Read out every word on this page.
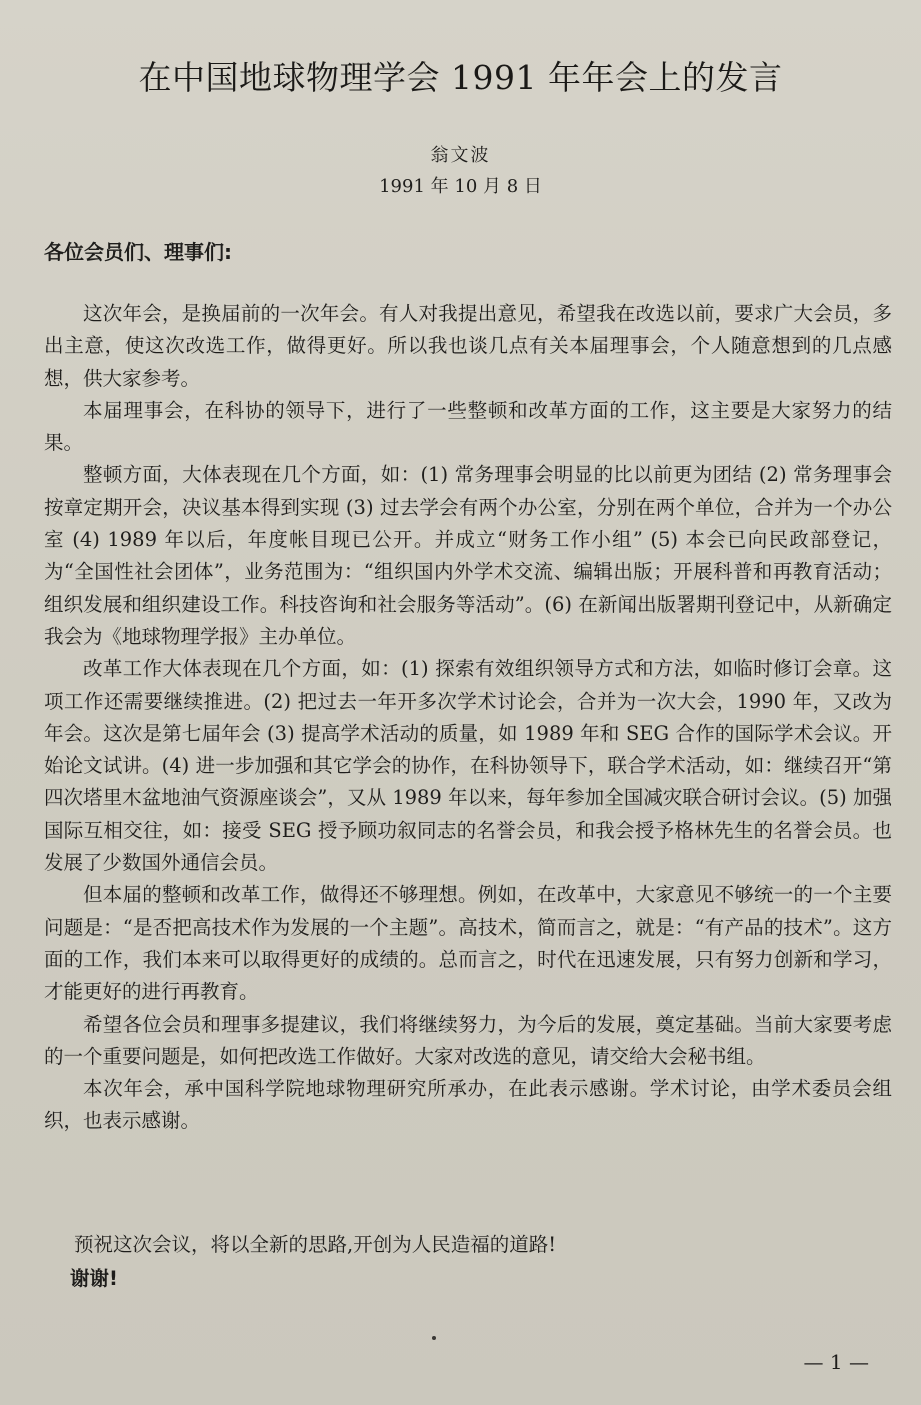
在中国地球物理学会 1991 年年会上的发言
翁文波
1991 年 10 月 8 日
各位会员们、理事们:

这次年会，是换届前的一次年会。有人对我提出意见，希望我在改选以前，要求广大会员，多出主意，使这次改选工作，做得更好。所以我也谈几点有关本届理事会，个人随意想到的几点感想，供大家参考。

本届理事会，在科协的领导下，进行了一些整顿和改革方面的工作，这主要是大家努力的结果。

整顿方面，大体表现在几个方面，如：(1) 常务理事会明显的比以前更为团结 (2) 常务理事会按章定期开会，决议基本得到实现 (3) 过去学会有两个办公室，分别在两个单位，合并为一个办公室 (4) 1989 年以后，年度帐目现已公开。并成立“财务工作小组” (5) 本会已向民政部登记，为“全国性社会团体”，业务范围为：“组织国内外学术交流、编辑出版；开展科普和再教育活动；组织发展和组织建设工作。科技咨询和社会服务等活动”。(6) 在新闻出版署期刊登记中，从新确定我会为《地球物理学报》主办单位。

改革工作大体表现在几个方面，如：(1) 探索有效组织领导方式和方法，如临时修订会章。这项工作还需要继续推进。(2) 把过去一年开多次学术讨论会，合并为一次大会，1990 年，又改为年会。这次是第七届年会 (3) 提高学术活动的质量，如 1989 年和 SEG 合作的国际学术会议。开始论文试讲。(4) 进一步加强和其它学会的协作，在科协领导下，联合学术活动，如：继续召开“第四次塔里木盆地油气资源座谈会”，又从 1989 年以来，每年参加全国减灾联合研讨会议。(5) 加强国际互相交往，如：接受 SEG 授予顾功叙同志的名誉会员，和我会授予格林先生的名誉会员。也发展了少数国外通信会员。

但本届的整顿和改革工作，做得还不够理想。例如，在改革中，大家意见不够统一的一个主要问题是：“是否把高技术作为发展的一个主题”。高技术，简而言之，就是：“有产品的技术”。这方面的工作，我们本来可以取得更好的成绩的。总而言之，时代在迅速发展，只有努力创新和学习，才能更好的进行再教育。

希望各位会员和理事多提建议，我们将继续努力，为今后的发展，奠定基础。当前大家要考虑的一个重要问题是，如何把改选工作做好。大家对改选的意见，请交给大会秘书组。

本次年会，承中国科学院地球物理研究所承办，在此表示感谢。学术讨论，由学术委员会组织，也表示感谢。

预祝这次会议，将以全新的思路,开创为人民造福的道路!
谢谢!
— 1 —
